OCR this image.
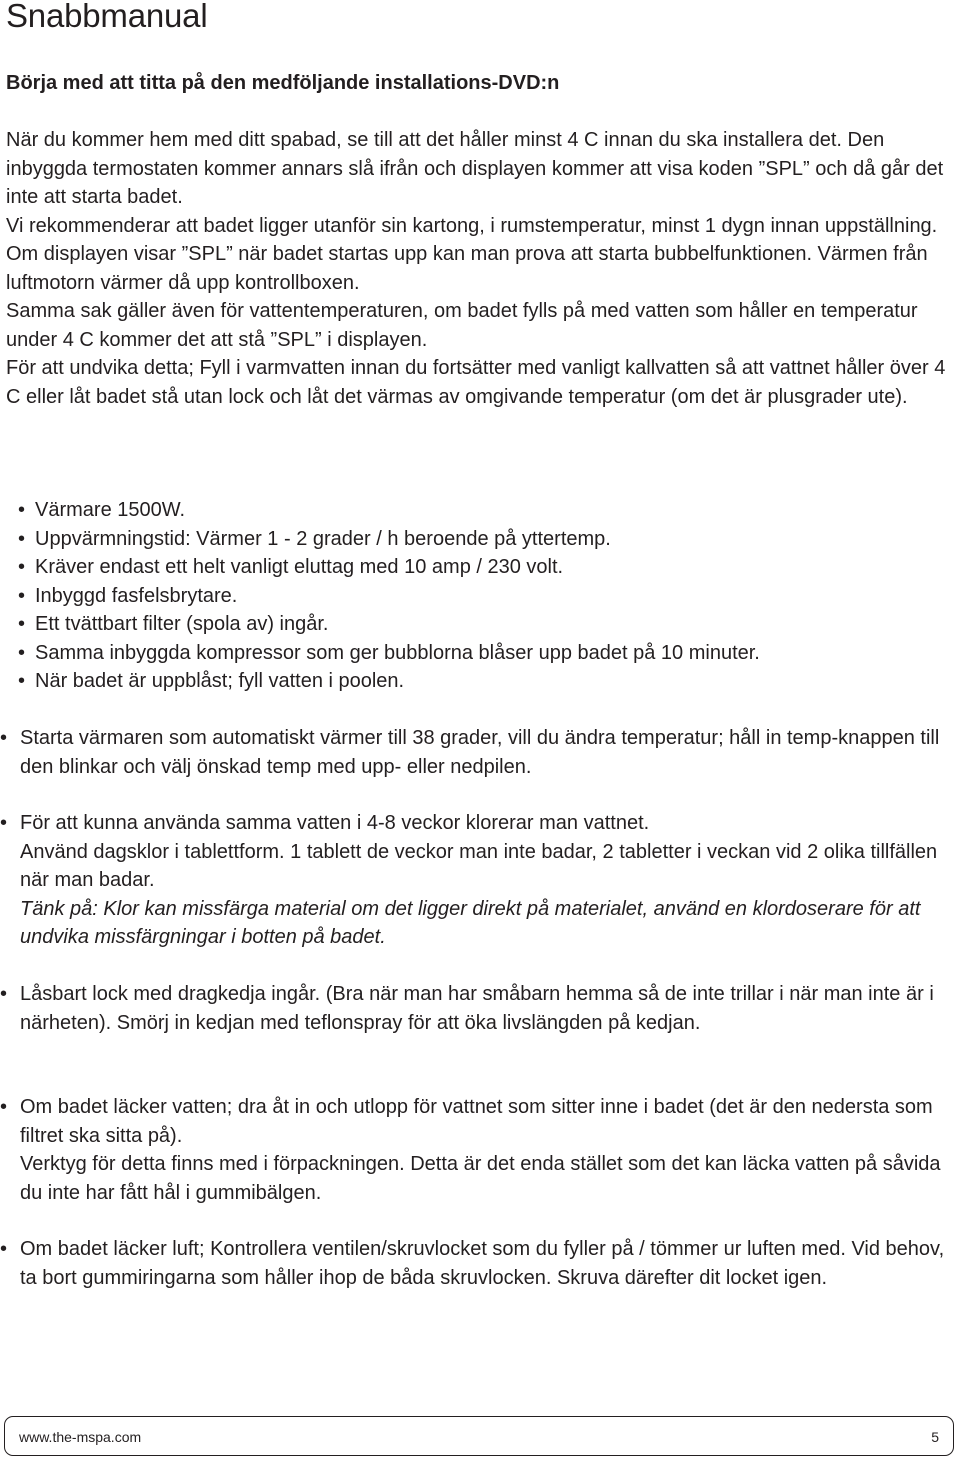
Snabbmanual
Börja med att titta på den medföljande installations-DVD:n

När du kommer hem med ditt spabad, se till att det håller minst 4 C innan du ska installera det. Den inbyggda termostaten kommer annars slå ifrån och displayen kommer att visa koden ”SPL” och då går det inte att starta badet.

Vi rekommenderar att badet ligger utanför sin kartong, i rumstemperatur, minst 1 dygn innan uppställning.

Om displayen visar ”SPL” när badet startas upp kan man prova att starta bubbelfunktionen. Värmen från luftmotorn värmer då upp kontrollboxen.

Samma sak gäller även för vattentemperaturen, om badet fylls på med vatten som håller en temperatur under 4 C kommer det att stå ”SPL” i displayen.

För att undvika detta; Fyll i varmvatten innan du fortsätter med vanligt kallvatten så att vattnet håller över 4 C eller låt badet stå utan lock och låt det värmas av omgivande temperatur (om det är plusgrader ute).

• Värmare 1500W.
• Uppvärmningstid: Värmer 1 - 2 grader / h beroende på yttertemp.
• Kräver endast ett helt vanligt eluttag med 10 amp / 230 volt.
• Inbyggd fasfelsbrytare.
• Ett tvättbart filter (spola av) ingår.
• Samma inbyggda kompressor som ger bubblorna blåser upp badet på 10 minuter.
• När badet är uppblåst; fyll vatten i poolen.

• Starta värmaren som automatiskt värmer till 38 grader, vill du ändra temperatur; håll in temp-knappen till den blinkar och välj önskad temp med upp- eller nedpilen.

• För att kunna använda samma vatten i 4-8 veckor klorerar man vattnet.

Använd dagsklor i tablettform. 1 tablett de veckor man inte badar, 2 tabletter i veckan vid 2 olika tillfällen när man badar.

Tänk på: Klor kan missfärga material om det ligger direkt på materialet, använd en klordoserare för att undvika missfärgningar i botten på badet.

• Låsbart lock med dragkedja ingår. (Bra när man har småbarn hemma så de inte trillar i när man inte är i närheten). Smörj in kedjan med teflonspray för att öka livslängden på kedjan.

• Om badet läcker vatten; dra åt in och utlopp för vattnet som sitter inne i badet (det är den nedersta som filtret ska sitta på).

Verktyg för detta finns med i förpackningen. Detta är det enda stället som det kan läcka vatten på såvida du inte har fått hål i gummibälgen.

• Om badet läcker luft; Kontrollera ventilen/skruvlocket som du fyller på / tömmer ur luften med. Vid behov, ta bort gummiringarna som håller ihop de båda skruvlocken. Skruva därefter dit locket igen.

www.the-mspa.com	5
